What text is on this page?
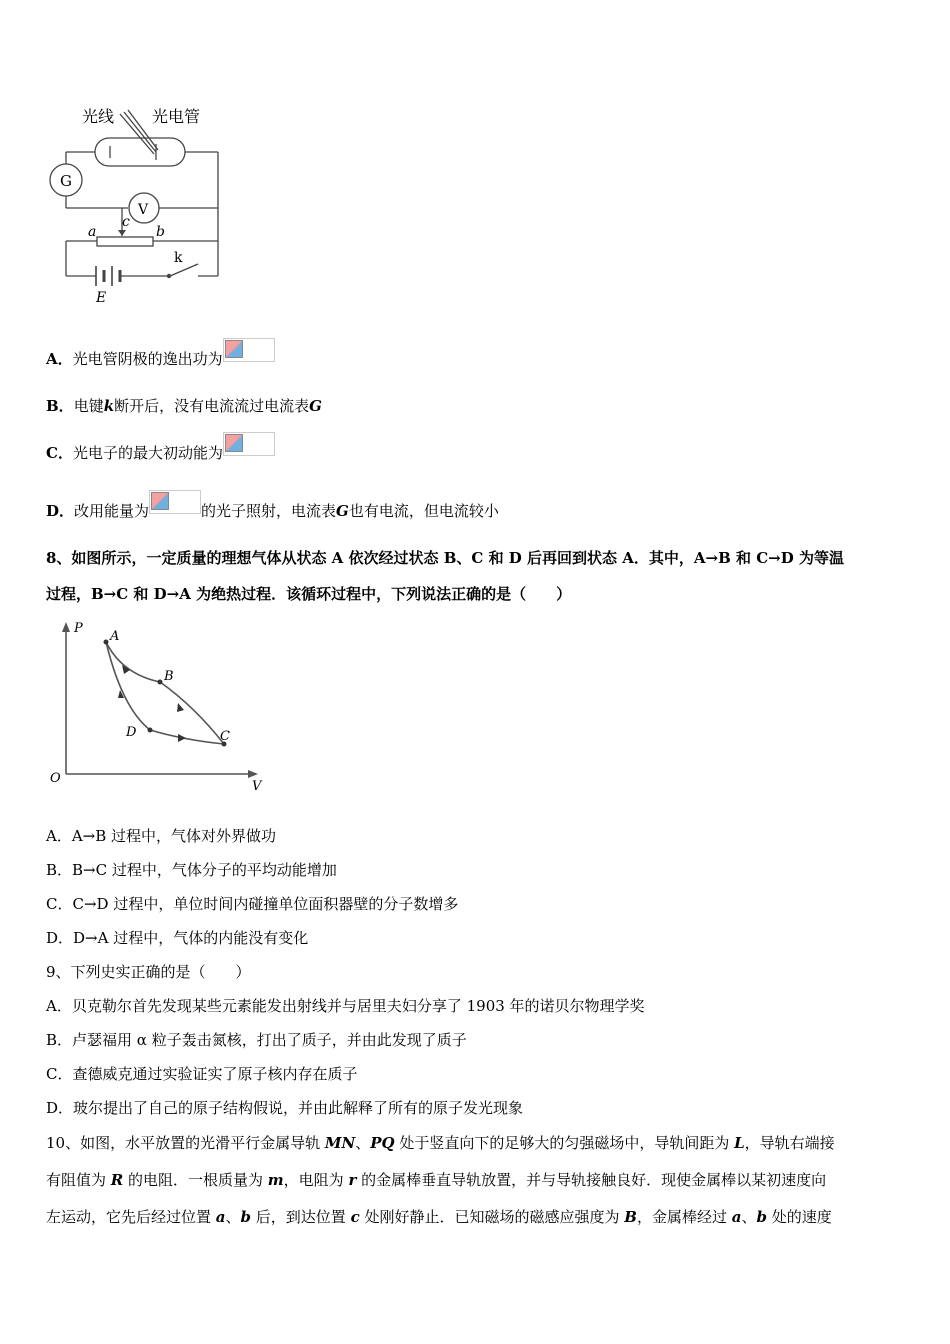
光线 光电管
G
V
a	b
c
k
E
A．光电管阴极的逸出功为
B．电键k断开后，没有电流流过电流表G
C．光电子的最大初动能为
D．改用能量为	的光子照射，电流表G也有电流，但电流较小
8、如图所示，一定质量的理想气体从状态 A 依次经过状态 B、C 和 D 后再回到状态 A．其中，A→B 和 C→D 为等温
过程，B→C 和 D→A 为绝热过程．该循环过程中，下列说法正确的是（　　）
P
V
O
A
B
C
D
A．A→B 过程中，气体对外界做功
B．B→C 过程中，气体分子的平均动能增加
C．C→D 过程中，单位时间内碰撞单位面积器壁的分子数增多
D．D→A 过程中，气体的内能没有变化
9、下列史实正确的是（　　）
A．贝克勒尔首先发现某些元素能发出射线并与居里夫妇分享了 1903 年的诺贝尔物理学奖
B．卢瑟福用 α 粒子轰击氮核，打出了质子，并由此发现了质子
C．查德威克通过实验证实了原子核内存在质子
D．玻尔提出了自己的原子结构假说，并由此解释了所有的原子发光现象
10、如图，水平放置的光滑平行金属导轨 MN、PQ 处于竖直向下的足够大的匀强磁场中，导轨间距为 L，导轨右端接
有阻值为 R 的电阻．一根质量为 m，电阻为 r 的金属棒垂直导轨放置，并与导轨接触良好．现使金属棒以某初速度向
左运动，它先后经过位置 a、b 后，到达位置 c 处刚好静止．已知磁场的磁感应强度为 B，金属棒经过 a、b 处的速度
